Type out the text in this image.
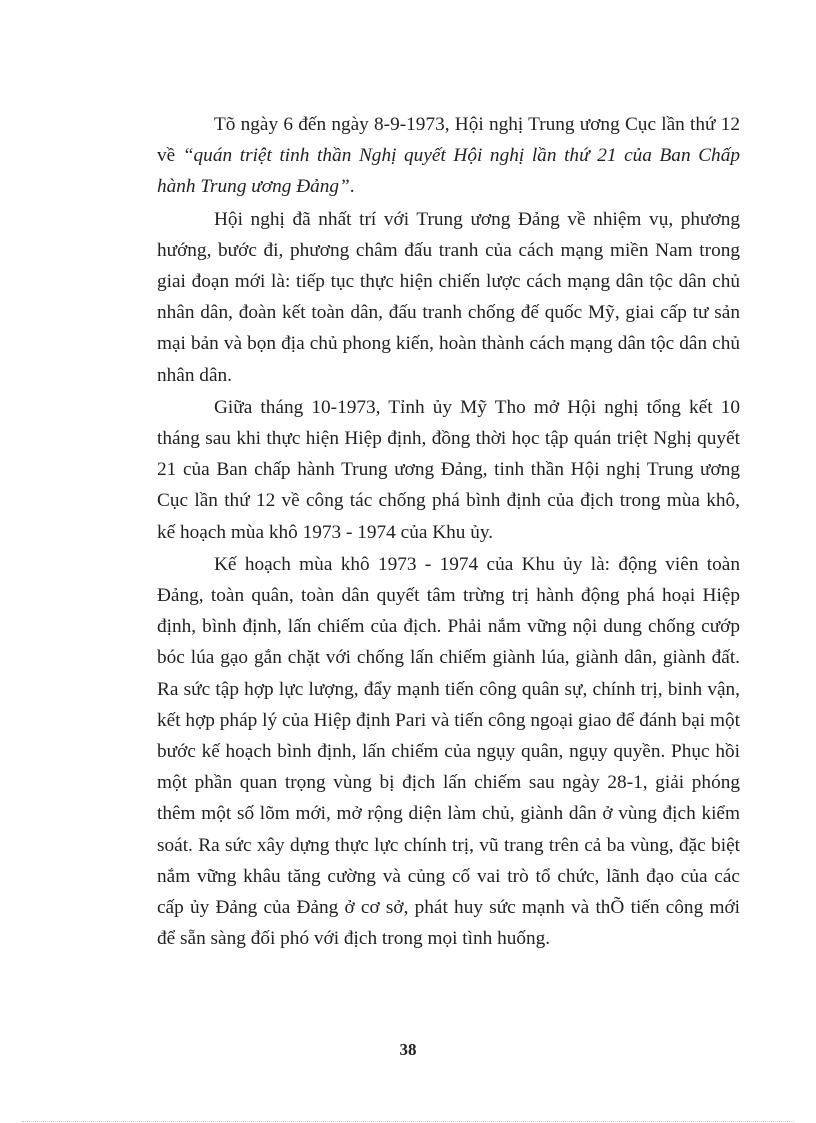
Tõ ngày 6 đến ngày 8-9-1973, Hội nghị Trung ương Cục lần thứ 12 về “quán triệt tinh thần Nghị quyết Hội nghị lần thứ 21 của Ban Chấp hành Trung ương Đảng”.

Hội nghị đã nhất trí với Trung ương Đảng về nhiệm vụ, phương hướng, bước đi, phương châm đấu tranh của cách mạng miền Nam trong giai đoạn mới là: tiếp tục thực hiện chiến lược cách mạng dân tộc dân chủ nhân dân, đoàn kết toàn dân, đấu tranh chống đế quốc Mỹ, giai cấp tư sản mại bản và bọn địa chủ phong kiến, hoàn thành cách mạng dân tộc dân chủ nhân dân.

Giữa tháng 10-1973, Tỉnh ủy Mỹ Tho mở Hội nghị tổng kết 10 tháng sau khi thực hiện Hiệp định, đồng thời học tập quán triệt Nghị quyết 21 của Ban chấp hành Trung ương Đảng, tinh thần Hội nghị Trung ương Cục lần thứ 12 về công tác chống phá bình định của địch trong mùa khô, kế hoạch mùa khô 1973 - 1974 của Khu ủy.

Kế hoạch mùa khô 1973 - 1974 của Khu ủy là: động viên toàn Đảng, toàn quân, toàn dân quyết tâm trừng trị hành động phá hoại Hiệp định, bình định, lấn chiếm của địch. Phải nắm vững nội dung chống cướp bóc lúa gạo gắn chặt với chống lấn chiếm giành lúa, giành dân, giành đất. Ra sức tập hợp lực lượng, đẩy mạnh tiến công quân sự, chính trị, binh vận, kết hợp pháp lý của Hiệp định Pari và tiến công ngoại giao để đánh bại một bước kế hoạch bình định, lấn chiếm của ngụy quân, ngụy quyền. Phục hồi một phần quan trọng vùng bị địch lấn chiếm sau ngày 28-1, giải phóng thêm một số lõm mới, mở rộng diện làm chủ, giành dân ở vùng địch kiểm soát. Ra sức xây dựng thực lực chính trị, vũ trang trên cả ba vùng, đặc biệt nắm vững khâu tăng cường và củng cố vai trò tổ chức, lãnh đạo của các cấp ủy Đảng của Đảng ở cơ sở, phát huy sức mạnh và thÕ tiến công mới để sẵn sàng đối phó với địch trong mọi tình huống.

38
